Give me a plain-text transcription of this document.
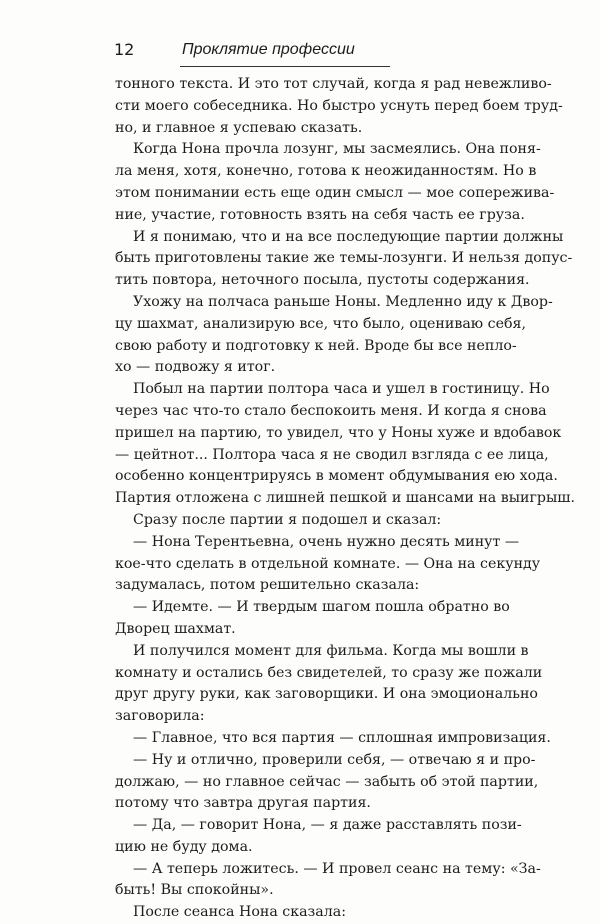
12	Проклятие профессии
тонного текста. И это тот случай, когда я рад невежливо-
сти моего собеседника. Но быстро уснуть перед боем труд-
но, и главное я успеваю сказать.
Когда Нона прочла лозунг, мы засмеялись. Она поня-
ла меня, хотя, конечно, готова к неожиданностям. Но в
этом понимании есть еще один смысл — мое сопережива-
ние, участие, готовность взять на себя часть ее груза.
И я понимаю, что и на все последующие партии должны
быть приготовлены такие же темы-лозунги. И нельзя допус-
тить повтора, неточного посыла, пустоты содержания.
Ухожу на полчаса раньше Ноны. Медленно иду к Двор-
цу шахмат, анализирую все, что было, оцениваю себя,
свою работу и подготовку к ней. Вроде бы все непло-
хо — подвожу я итог.
Побыл на партии полтора часа и ушел в гостиницу. Но
через час что-то стало беспокоить меня. И когда я снова
пришел на партию, то увидел, что у Ноны хуже и вдобавок
— цейтнот... Полтора часа я не сводил взгляда с ее лица,
особенно концентрируясь в момент обдумывания ею хода.
Партия отложена с лишней пешкой и шансами на выигрыш.
Сразу после партии я подошел и сказал:
— Нона Терентьевна, очень нужно десять минут —
кое-что сделать в отдельной комнате. — Она на секунду
задумалась, потом решительно сказала:
— Идемте. — И твердым шагом пошла обратно во
Дворец шахмат.
И получился момент для фильма. Когда мы вошли в
комнату и остались без свидетелей, то сразу же пожали
друг другу руки, как заговорщики. И она эмоционально
заговорила:
— Главное, что вся партия — сплошная импровизация.
— Ну и отлично, проверили себя, — отвечаю я и про-
должаю, — но главное сейчас — забыть об этой партии,
потому что завтра другая партия.
— Да, — говорит Нона, — я даже расставлять пози-
цию не буду дома.
— А теперь ложитесь. — И провел сеанс на тему: «За-
быть! Вы спокойны».
После сеанса Нона сказала:
